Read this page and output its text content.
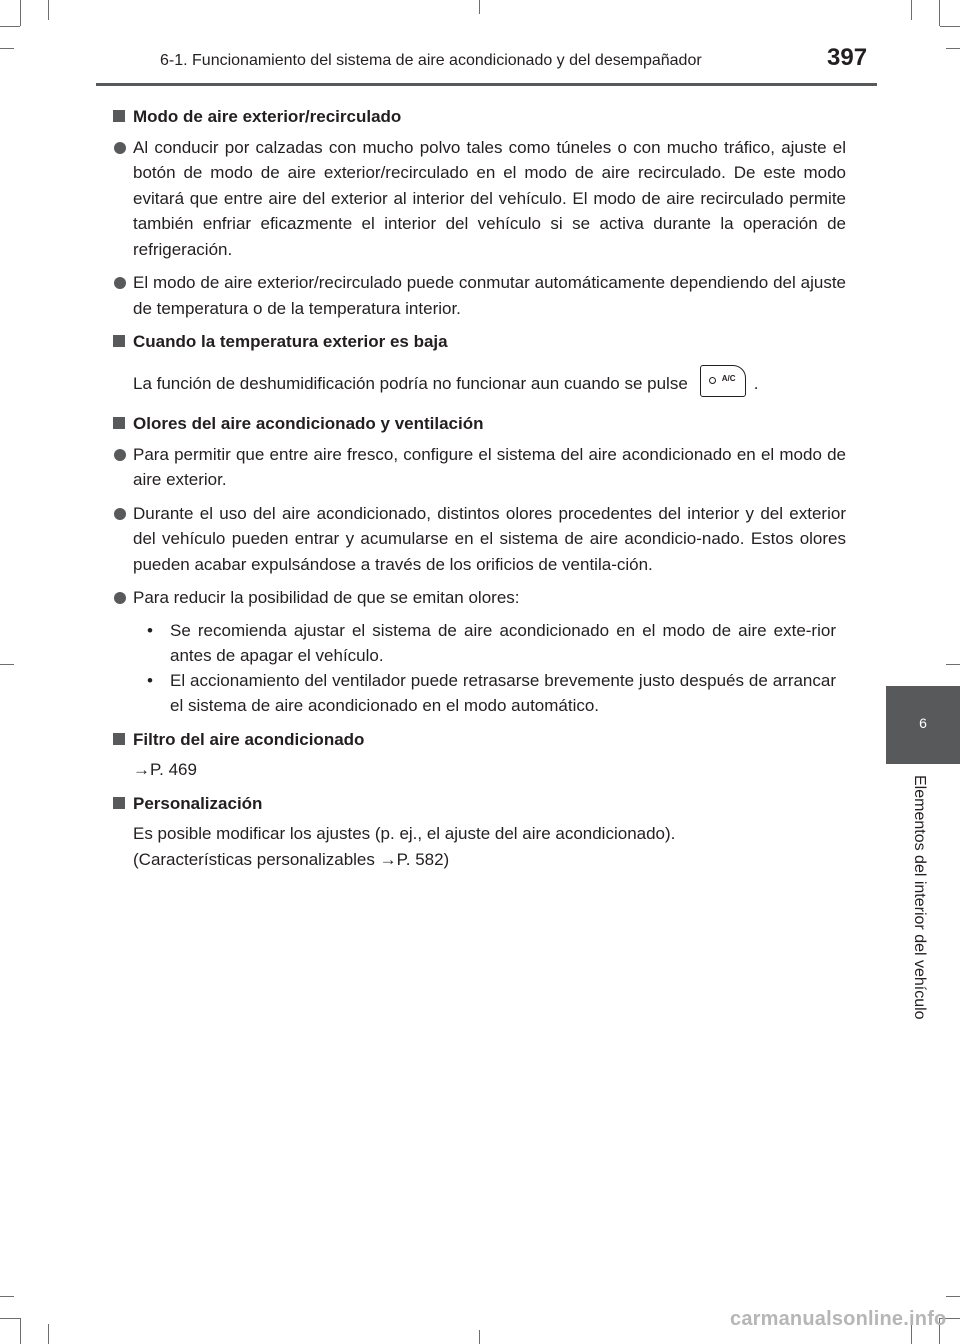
6-1. Funcionamiento del sistema de aire acondicionado y del desempañador	397
6
Elementos del interior del vehículo
Modo de aire exterior/recirculado
Al conducir por calzadas con mucho polvo tales como túneles o con mucho tráfico, ajuste el botón de modo de aire exterior/recirculado en el modo de aire recirculado. De este modo evitará que entre aire del exterior al interior del vehículo. El modo de aire recirculado permite también enfriar eficazmente el interior del vehículo si se activa durante la operación de refrigeración.
El modo de aire exterior/recirculado puede conmutar automáticamente dependiendo del ajuste de temperatura o de la temperatura interior.
Cuando la temperatura exterior es baja
La función de deshumidificación podría no funcionar aun cuando se pulse	A/C .
Olores del aire acondicionado y ventilación
Para permitir que entre aire fresco, configure el sistema del aire acondicionado en el modo de aire exterior.
Durante el uso del aire acondicionado, distintos olores procedentes del interior y del exterior del vehículo pueden entrar y acumularse en el sistema de aire acondicio-nado. Estos olores pueden acabar expulsándose a través de los orificios de ventila-ción.
Para reducir la posibilidad de que se emitan olores:
• Se recomienda ajustar el sistema de aire acondicionado en el modo de aire exte-rior antes de apagar el vehículo.
• El accionamiento del ventilador puede retrasarse brevemente justo después de arrancar el sistema de aire acondicionado en el modo automático.
Filtro del aire acondicionado
→P. 469
Personalización
Es posible modificar los ajustes (p. ej., el ajuste del aire acondicionado).
(Características personalizables →P. 582)
carmanualsonline.info
